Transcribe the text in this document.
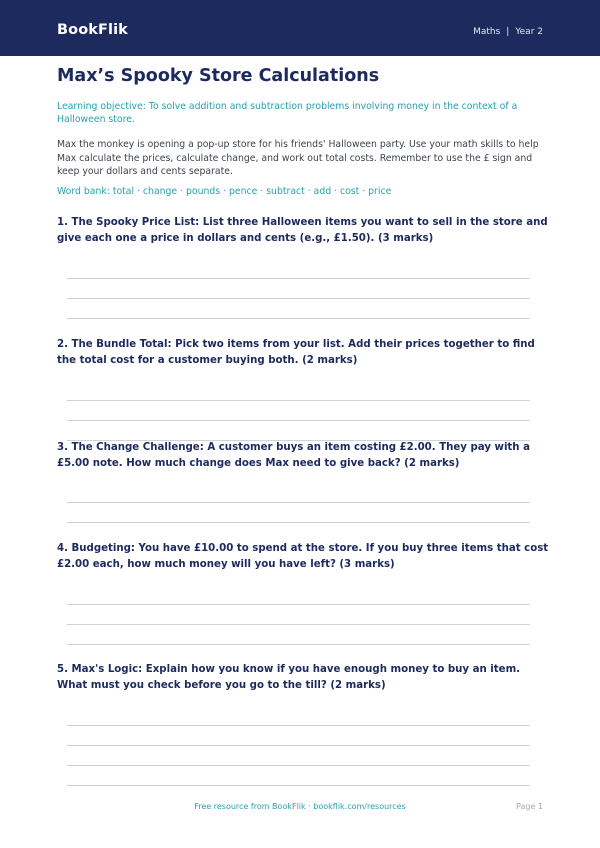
BookFlik	Maths | Year 2
Max’s Spooky Store Calculations
Learning objective: To solve addition and subtraction problems involving money in the context of a Halloween store.
Max the monkey is opening a pop-up store for his friends' Halloween party. Use your math skills to help Max calculate the prices, calculate change, and work out total costs. Remember to use the £ sign and keep your dollars and cents separate.
Word bank: total · change · pounds · pence · subtract · add · cost · price
1. The Spooky Price List: List three Halloween items you want to sell in the store and give each one a price in dollars and cents (e.g., £1.50). (3 marks)
2. The Bundle Total: Pick two items from your list. Add their prices together to find the total cost for a customer buying both. (2 marks)
3. The Change Challenge: A customer buys an item costing £2.00. They pay with a £5.00 note. How much change does Max need to give back? (2 marks)
4. Budgeting: You have £10.00 to spend at the store. If you buy three items that cost £2.00 each, how much money will you have left? (3 marks)
5. Max's Logic: Explain how you know if you have enough money to buy an item. What must you check before you go to the till? (2 marks)
Free resource from BookFlik · bookflik.com/resources	Page 1
